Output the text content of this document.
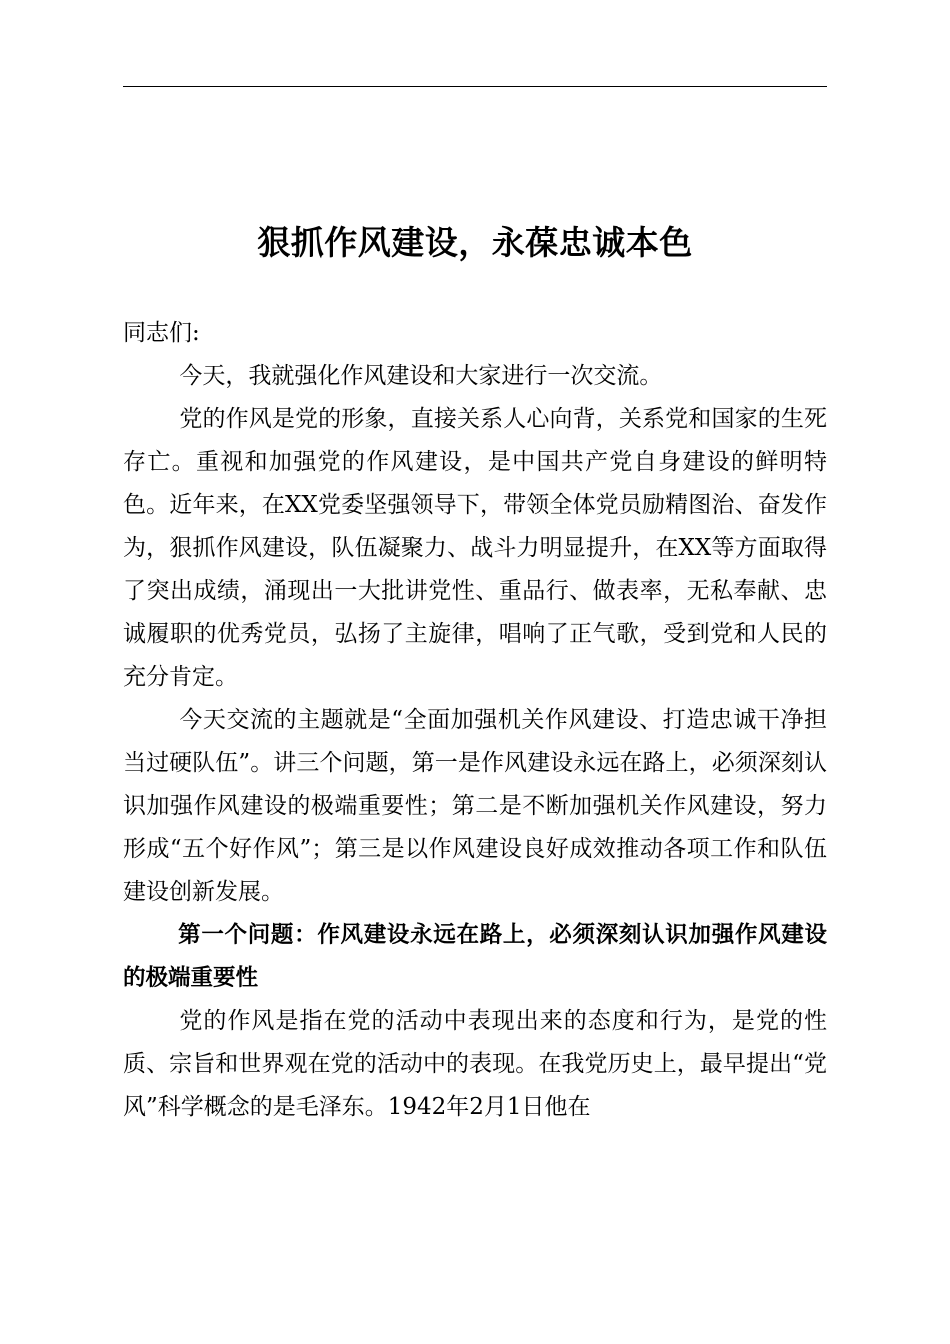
狠抓作风建设，永葆忠诚本色

同志们:

今天，我就强化作风建设和大家进行一次交流。

党的作风是党的形象，直接关系人心向背，关系党和国家的生死存亡。重视和加强党的作风建设，是中国共产党自身建设的鲜明特色。近年来，在XX党委坚强领导下，带领全体党员励精图治、奋发作为，狠抓作风建设，队伍凝聚力、战斗力明显提升，在XX等方面取得了突出成绩，涌现出一大批讲党性、重品行、做表率，无私奉献、忠诚履职的优秀党员，弘扬了主旋律，唱响了正气歌，受到党和人民的充分肯定。

今天交流的主题就是“全面加强机关作风建设、打造忠诚干净担当过硬队伍”。讲三个问题，第一是作风建设永远在路上，必须深刻认识加强作风建设的极端重要性；第二是不断加强机关作风建设，努力形成“五个好作风”；第三是以作风建设良好成效推动各项工作和队伍建设创新发展。

第一个问题：作风建设永远在路上，必须深刻认识加强作风建设的极端重要性

党的作风是指在党的活动中表现出来的态度和行为，是党的性质、宗旨和世界观在党的活动中的表现。在我党历史上，最早提出“党风”科学概念的是毛泽东。1942年2月1日他在
